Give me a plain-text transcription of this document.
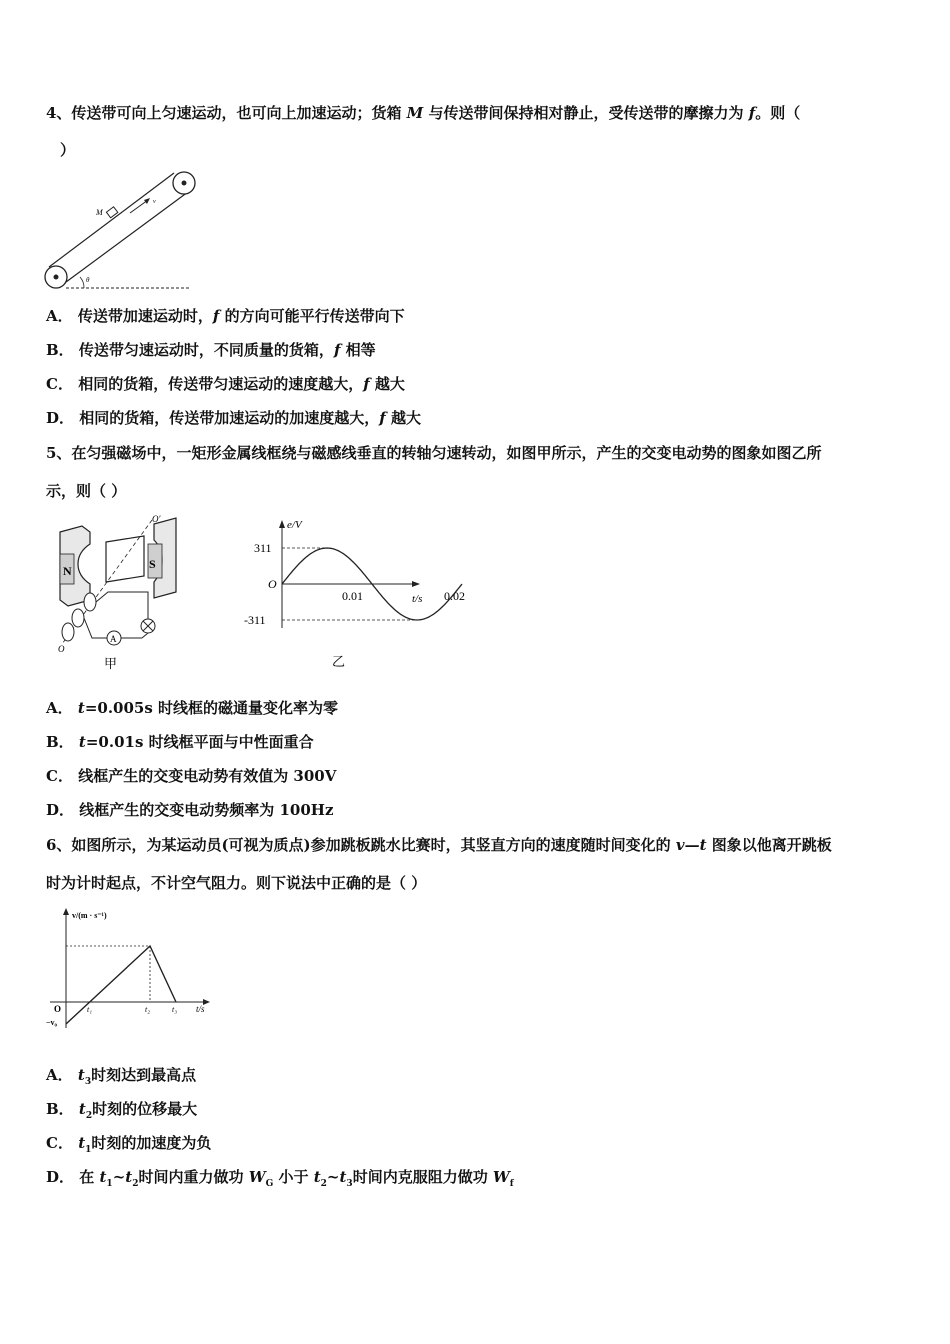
4、传送带可向上匀速运动，也可向上加速运动；货箱 M 与传送带间保持相对静止，受传送带的摩擦力为 f。则（
）
M
v
θ
A． 传送带加速运动时，f 的方向可能平行传送带向下
B． 传送带匀速运动时，不同质量的货箱，f 相等
C． 相同的货箱，传送带匀速运动的速度越大，f 越大
D． 相同的货箱，传送带加速运动的加速度越大，f 越大
5、在匀强磁场中，一矩形金属线框绕与磁感线垂直的转轴匀速转动，如图甲所示，产生的交变电动势的图象如图乙所
示，则（ ）
N	S
O′
O
A
甲
e/V
t/s
311
-311
O
0.01	0.02
乙
A． t=0.005s 时线框的磁通量变化率为零
B． t=0.01s 时线框平面与中性面重合
C． 线框产生的交变电动势有效值为 300V
D． 线框产生的交变电动势频率为 100Hz
6、如图所示，为某运动员(可视为质点)参加跳板跳水比赛时，其竖直方向的速度随时间变化的 v—t 图象以他离开跳板
时为计时起点，不计空气阻力。则下说法中正确的是（ ）
v/(m · s⁻¹)
t/s
O
−v₀
t₁	t₂	t₃
A． $t_3$时刻达到最高点
B． $t_2$时刻的位移最大
C． $t_1$时刻的加速度为负
D． 在 $t_1\sim t_2$时间内重力做功 $W_G$ 小于 $t_2\sim t_3$时间内克服阻力做功 $W_f$
